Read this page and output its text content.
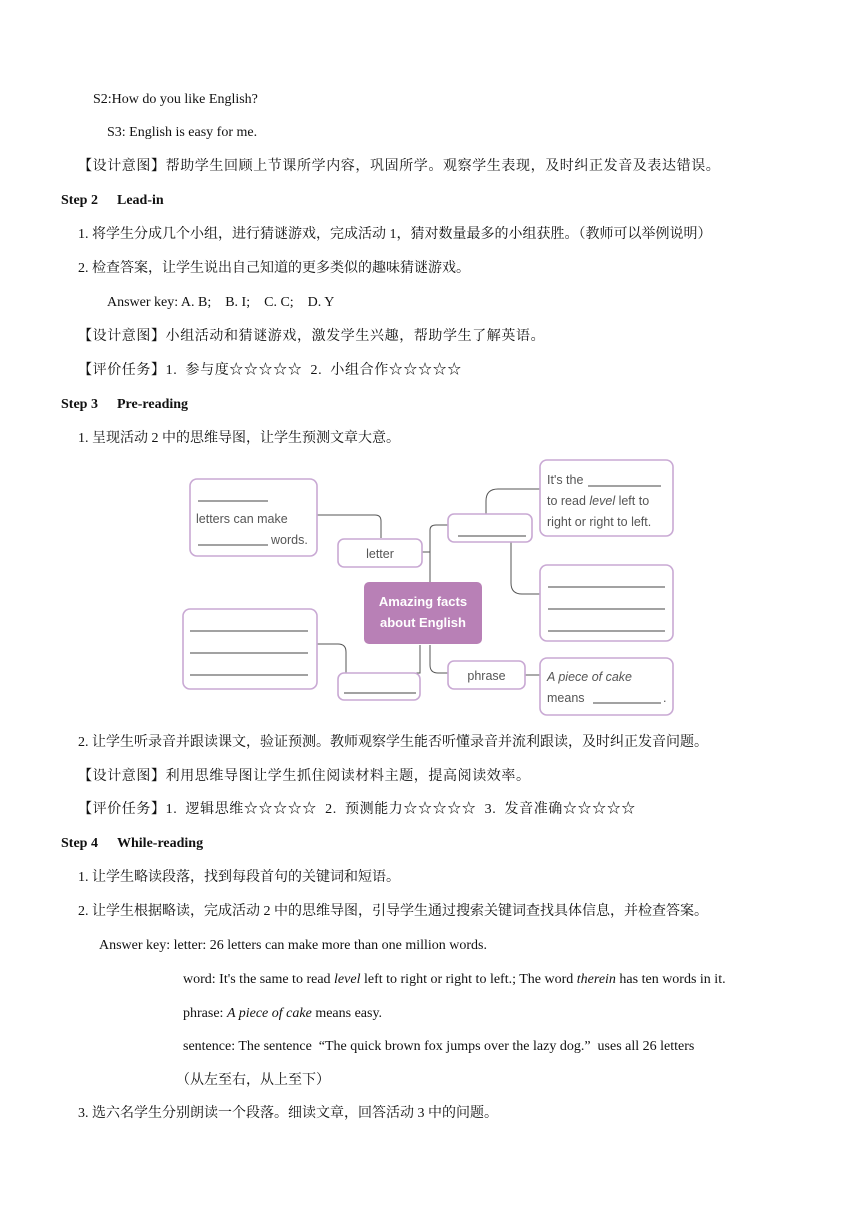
S2:How do you like English?
S3: English is easy for me.
【设计意图】帮助学生回顾上节课所学内容，巩固所学。观察学生表现，及时纠正发音及表达错误。
Step 2 Lead-in
1. 将学生分成几个小组，进行猜谜游戏，完成活动 1，猜对数量最多的小组获胜。（教师可以举例说明）
2. 检查答案，让学生说出自己知道的更多类似的趣味猜谜游戏。
Answer key: A. B;    B. I;    C. C;    D. Y
【设计意图】小组活动和猜谜游戏，激发学生兴趣，帮助学生了解英语。
【评价任务】1.  参与度☆☆☆☆☆  2.  小组合作☆☆☆☆☆
Step 3 Pre-reading
1. 呈现活动 2 中的思维导图，让学生预测文章大意。
Amazing facts
about English
letter
phrase
letters can make
words.
It's the
to read level left to
right or right to left.
A piece of cake
means	.
2. 让学生听录音并跟读课文，验证预测。教师观察学生能否听懂录音并流利跟读，及时纠正发音问题。
【设计意图】利用思维导图让学生抓住阅读材料主题，提高阅读效率。
【评价任务】1.  逻辑思维☆☆☆☆☆  2.  预测能力☆☆☆☆☆  3.  发音准确☆☆☆☆☆
Step 4 While-reading
1. 让学生略读段落，找到每段首句的关键词和短语。
2. 让学生根据略读，完成活动 2 中的思维导图，引导学生通过搜索关键词查找具体信息，并检查答案。
Answer key: letter: 26 letters can make more than one million words.
word: It's the same to read level left to right or right to left.; The word therein has ten words in it.
phrase: A piece of cake means easy.
sentence: The sentence  “The quick brown fox jumps over the lazy dog.”  uses all 26 letters
（从左至右，从上至下）
3. 选六名学生分别朗读一个段落。细读文章，回答活动 3 中的问题。
